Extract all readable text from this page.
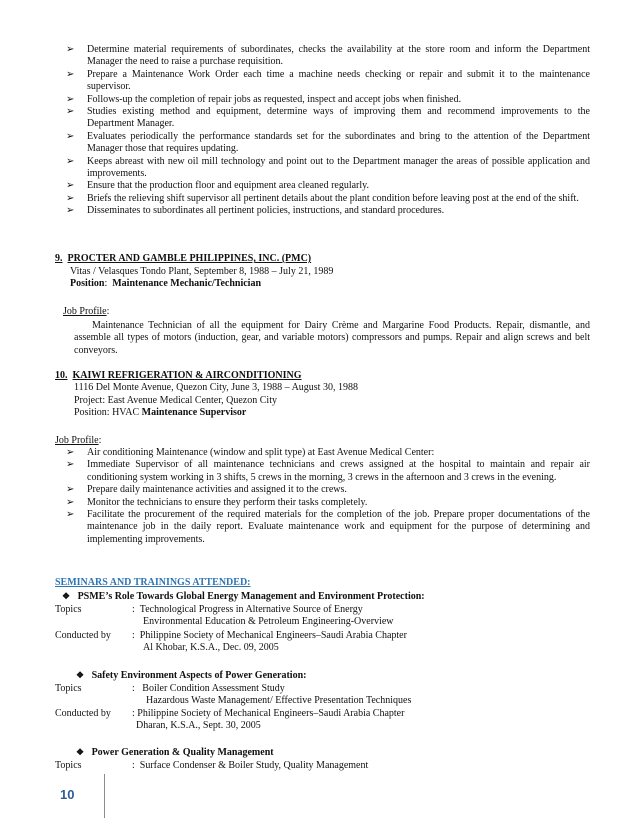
➢ Determine material requirements of subordinates, checks the availability at the store room and inform the Department Manager the need to raise a purchase requisition.
➢ Prepare a Maintenance Work Order each time a machine needs checking or repair and submit it to the maintenance supervisor.
➢ Follows-up the completion of repair jobs as requested, inspect and accept jobs when finished.
➢ Studies existing method and equipment, determine ways of improving them and recommend improvements to the Department Manager.
➢ Evaluates periodically the performance standards set for the subordinates and bring to the attention of the Department Manager those that requires updating.
➢ Keeps abreast with new oil mill technology and point out to the Department manager the areas of possible application and improvements.
➢ Ensure that the production floor and equipment area cleaned regularly.
➢ Briefs the relieving shift supervisor all pertinent details about the plant condition before leaving post at the end of the shift.
➢ Disseminates to subordinates all pertinent policies, instructions, and standard procedures.
9. PROCTER AND GAMBLE PHILIPPINES, INC. (PMC)
Vitas / Velasques Tondo Plant, September 8, 1988 – July 21, 1989
Position:  Maintenance Mechanic/Technician
Job Profile:
Maintenance Technician of all the equipment for Dairy Crème and Margarine Food Products. Repair, dismantle, and assemble all types of motors (induction, gear, and variable motors) compressors and pumps. Repair and align screws and belt conveyors.
10. KAIWI REFRIGERATION & AIRCONDITIONING
1116 Del Monte Avenue, Quezon City, June 3, 1988 – August 30, 1988
Project: East Avenue Medical Center, Quezon City
Position: HVAC Maintenance Supervisor
Job Profile:
➢ Air conditioning Maintenance (window and split type) at East Avenue Medical Center:
➢ Immediate Supervisor of all maintenance technicians and crews assigned at the hospital to maintain and repair air conditioning system working in 3 shifts, 5 crews in the morning, 3 crews in the afternoon and 3 crews in the evening.
➢ Prepare daily maintenance activities and assigned it to the crews.
➢ Monitor the technicians to ensure they perform their tasks completely.
➢ Facilitate the procurement of the required materials for the completion of the job. Prepare proper documentations of the maintenance job in the daily report. Evaluate maintenance work and equipment for the purpose of determining and implementing improvements.
SEMINARS AND TRAININGS ATTENDED:
❖ PSME’s Role Towards Global Energy Management and Environment Protection:
Topics	:  Technological Progress in Alternative Source of Energy
Environmental Education & Petroleum Engineering-Overview
Conducted by :  Philippine Society of Mechanical Engineers–Saudi Arabia Chapter
Al Khobar, K.S.A., Dec. 09, 2005
❖ Safety Environment Aspects of Power Generation:
Topics	:   Boiler Condition Assessment Study
Hazardous Waste Management/ Effective Presentation Techniques
Conducted by : Philippine Society of Mechanical Engineers–Saudi Arabia Chapter
Dharan, K.S.A., Sept. 30, 2005
❖ Power Generation & Quality Management
Topics	:  Surface Condenser & Boiler Study, Quality Management
10
